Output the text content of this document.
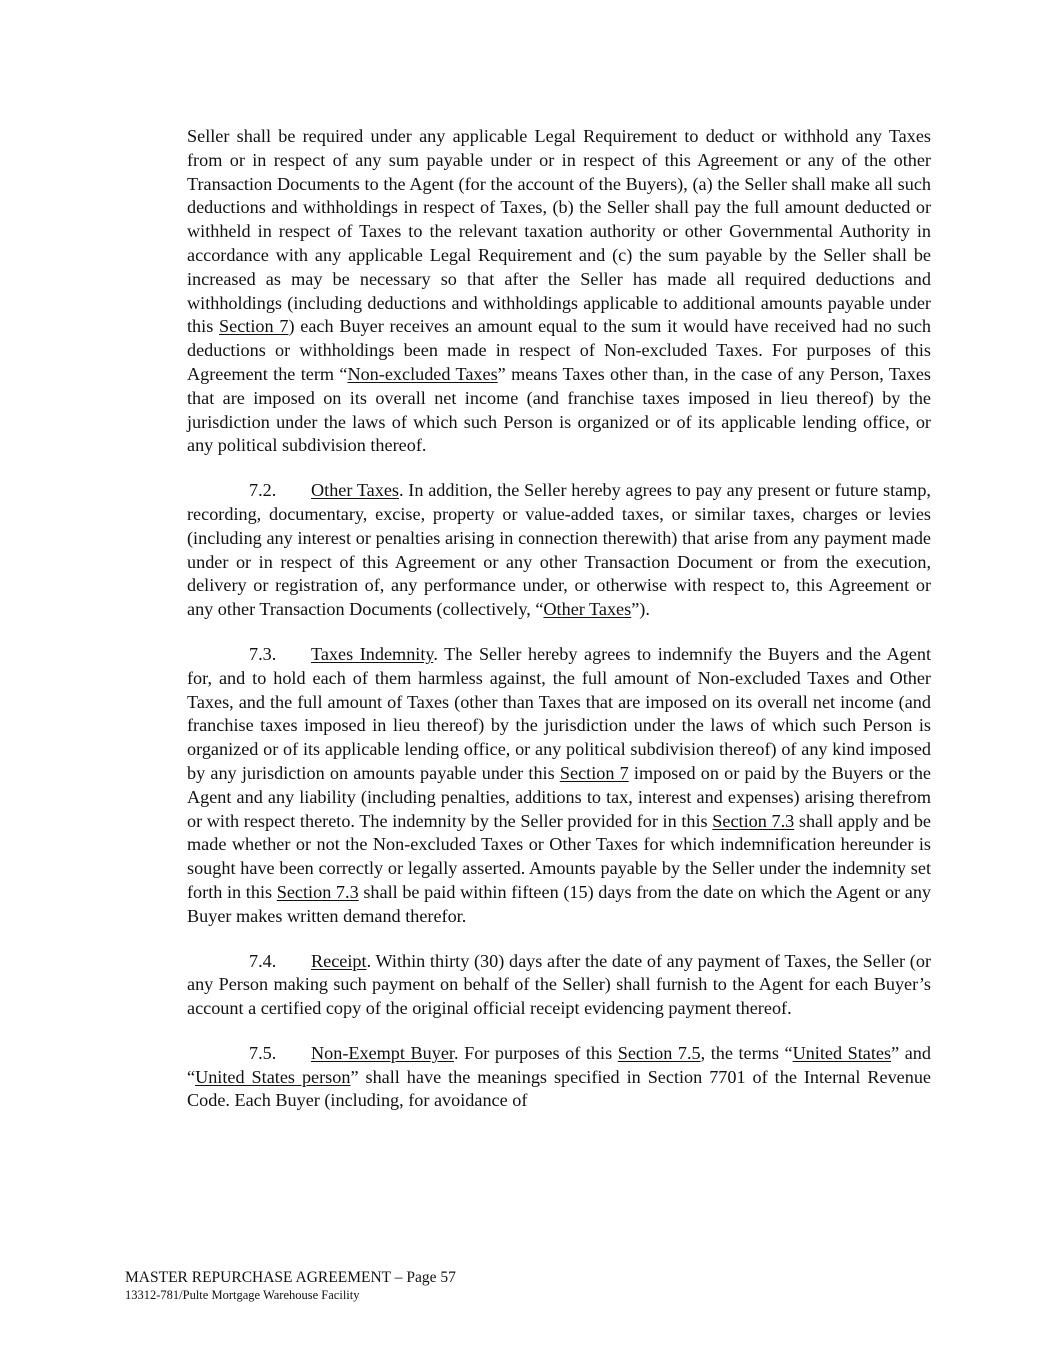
Seller shall be required under any applicable Legal Requirement to deduct or withhold any Taxes from or in respect of any sum payable under or in respect of this Agreement or any of the other Transaction Documents to the Agent (for the account of the Buyers), (a) the Seller shall make all such deductions and withholdings in respect of Taxes, (b) the Seller shall pay the full amount deducted or withheld in respect of Taxes to the relevant taxation authority or other Governmental Authority in accordance with any applicable Legal Requirement and (c) the sum payable by the Seller shall be increased as may be necessary so that after the Seller has made all required deductions and withholdings (including deductions and withholdings applicable to additional amounts payable under this Section 7) each Buyer receives an amount equal to the sum it would have received had no such deductions or withholdings been made in respect of Non-excluded Taxes. For purposes of this Agreement the term “Non-excluded Taxes” means Taxes other than, in the case of any Person, Taxes that are imposed on its overall net income (and franchise taxes imposed in lieu thereof) by the jurisdiction under the laws of which such Person is organized or of its applicable lending office, or any political subdivision thereof.

7.2. Other Taxes. In addition, the Seller hereby agrees to pay any present or future stamp, recording, documentary, excise, property or value-added taxes, or similar taxes, charges or levies (including any interest or penalties arising in connection therewith) that arise from any payment made under or in respect of this Agreement or any other Transaction Document or from the execution, delivery or registration of, any performance under, or otherwise with respect to, this Agreement or any other Transaction Documents (collectively, “Other Taxes”).

7.3. Taxes Indemnity. The Seller hereby agrees to indemnify the Buyers and the Agent for, and to hold each of them harmless against, the full amount of Non-excluded Taxes and Other Taxes, and the full amount of Taxes (other than Taxes that are imposed on its overall net income (and franchise taxes imposed in lieu thereof) by the jurisdiction under the laws of which such Person is organized or of its applicable lending office, or any political subdivision thereof) of any kind imposed by any jurisdiction on amounts payable under this Section 7 imposed on or paid by the Buyers or the Agent and any liability (including penalties, additions to tax, interest and expenses) arising therefrom or with respect thereto. The indemnity by the Seller provided for in this Section 7.3 shall apply and be made whether or not the Non-excluded Taxes or Other Taxes for which indemnification hereunder is sought have been correctly or legally asserted. Amounts payable by the Seller under the indemnity set forth in this Section 7.3 shall be paid within fifteen (15) days from the date on which the Agent or any Buyer makes written demand therefor.

7.4. Receipt. Within thirty (30) days after the date of any payment of Taxes, the Seller (or any Person making such payment on behalf of the Seller) shall furnish to the Agent for each Buyer’s account a certified copy of the original official receipt evidencing payment thereof.

7.5. Non-Exempt Buyer. For purposes of this Section 7.5, the terms “United States” and “United States person” shall have the meanings specified in Section 7701 of the Internal Revenue Code. Each Buyer (including, for avoidance of

MASTER REPURCHASE AGREEMENT – Page 57
13312-781/Pulte Mortgage Warehouse Facility
